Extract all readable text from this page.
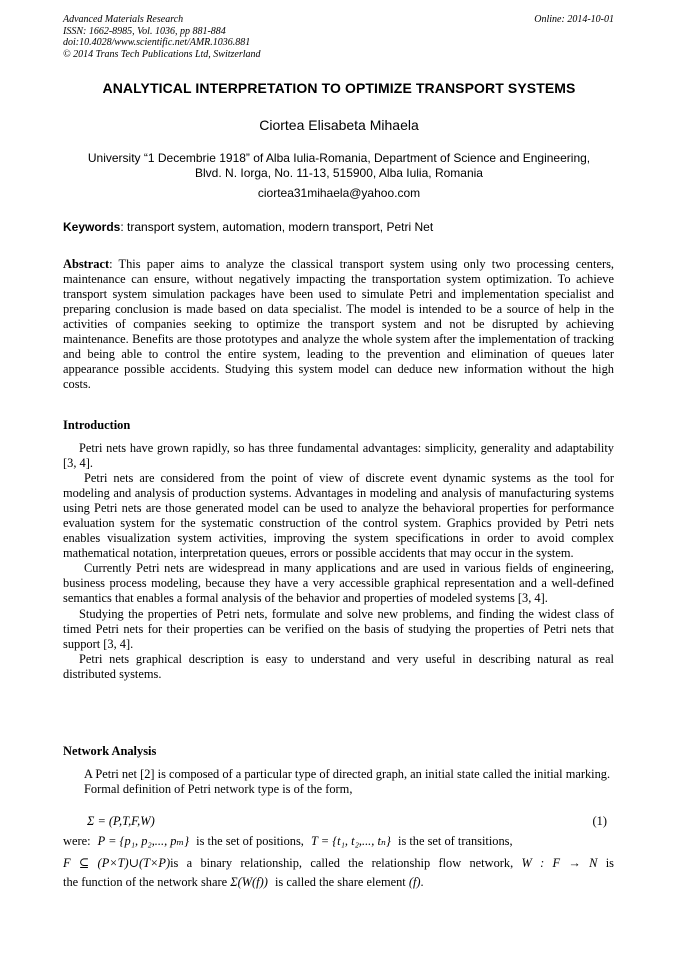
Advanced Materials Research
ISSN: 1662-8985, Vol. 1036, pp 881-884
doi:10.4028/www.scientific.net/AMR.1036.881
© 2014 Trans Tech Publications Ltd, Switzerland
Online: 2014-10-01
ANALYTICAL INTERPRETATION TO OPTIMIZE TRANSPORT SYSTEMS
Ciortea Elisabeta Mihaela
University “1 Decembrie 1918” of Alba Iulia-Romania, Department of Science and Engineering,
Blvd. N. Iorga, No. 11-13, 515900, Alba Iulia, Romania
ciortea31mihaela@yahoo.com
Keywords: transport system, automation, modern transport, Petri Net

Abstract: This paper aims to analyze the classical transport system using only two processing centers, maintenance can ensure, without negatively impacting the transportation system optimization. To achieve transport system simulation packages have been used to simulate Petri and implementation specialist and preparing conclusion is made based on data specialist. The model is intended to be a source of help in the activities of companies seeking to optimize the transport system and not be disrupted by achieving maintenance. Benefits are those prototypes and analyze the whole system after the implementation of tracking and being able to control the entire system, leading to the prevention and elimination of queues later appearance possible accidents. Studying this system model can deduce new information without the high costs.

Introduction

Petri nets have grown rapidly, so has three fundamental advantages: simplicity, generality and adaptability [3, 4].

Petri nets are considered from the point of view of discrete event dynamic systems as the tool for modeling and analysis of production systems. Advantages in modeling and analysis of manufacturing systems using Petri nets are those generated model can be used to analyze the behavioral properties for performance evaluation system for the systematic construction of the control system. Graphics provided by Petri nets enables visualization system activities, improving the system specifications in order to avoid complex mathematical notation, interpretation queues, errors or possible accidents that may occur in the system.

Currently Petri nets are widespread in many applications and are used in various fields of engineering, business process modeling, because they have a very accessible graphical representation and a well-defined semantics that enables a formal analysis of the behavior and properties of modeled systems [3, 4].

Studying the properties of Petri nets, formulate and solve new problems, and finding the widest class of timed Petri nets for their properties can be verified on the basis of studying the properties of Petri nets that support [3, 4].

Petri nets graphical description is easy to understand and very useful in describing natural as real distributed systems.

Network Analysis

A Petri net [2] is composed of a particular type of directed graph, an initial state called the initial marking.

Formal definition of Petri network type is of the form,

Σ = (P,T,F,W)	(1)
were: P = {p₁, p₂,..., pₘ} is the set of positions, T = {t₁, t₂,..., tₙ} is the set of transitions,
F ⊆ (P×T)∪(T×P)is a binary relationship, called the relationship flow network, W : F → N is
the function of the network share Σ(W(f)) is called the share element (f).
